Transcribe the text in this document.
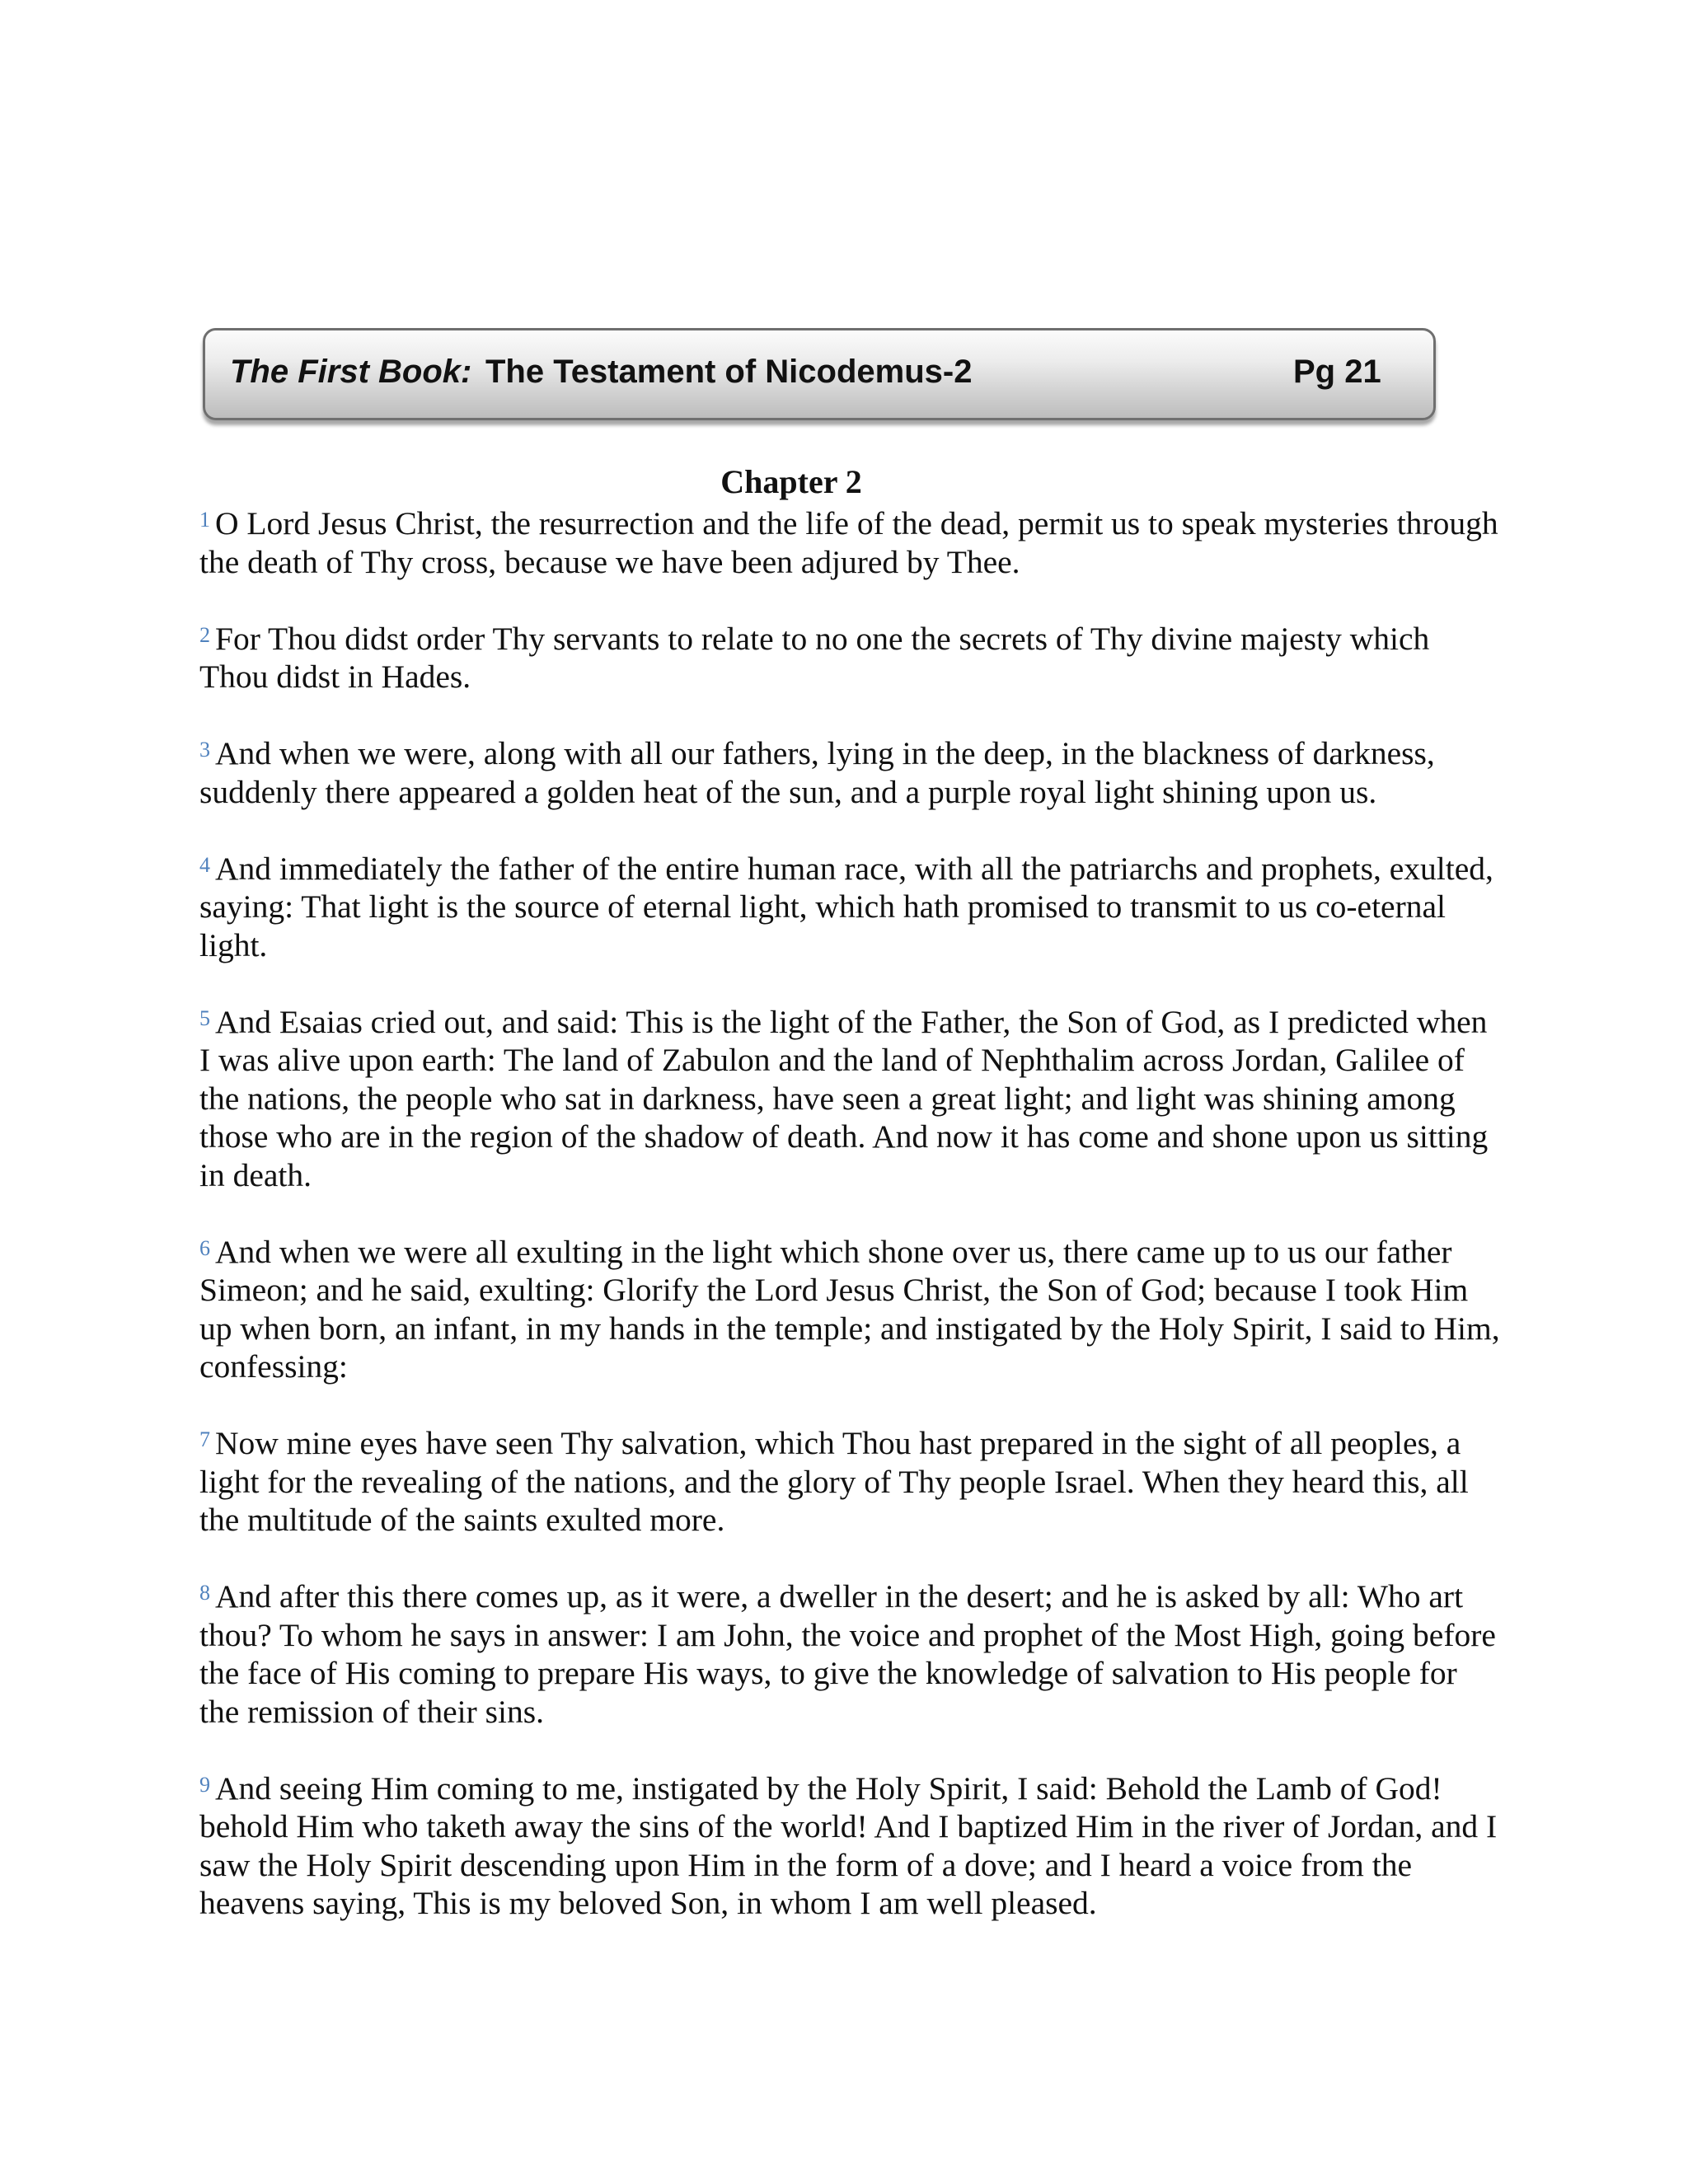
The First Book: The Testament of Nicodemus-2	Pg 21
Chapter 2

$^1$ O Lord Jesus Christ, the resurrection and the life of the dead, permit us to speak mysteries through the death of Thy cross, because we have been adjured by Thee.

$^2$ For Thou didst order Thy servants to relate to no one the secrets of Thy divine majesty which Thou didst in Hades.

$^3$ And when we were, along with all our fathers, lying in the deep, in the blackness of darkness, suddenly there appeared a golden heat of the sun, and a purple royal light shining upon us.

$^4$ And immediately the father of the entire human race, with all the patriarchs and prophets, exulted, saying: That light is the source of eternal light, which hath promised to transmit to us co-eternal light.

$^5$ And Esaias cried out, and said: This is the light of the Father, the Son of God, as I predicted when I was alive upon earth: The land of Zabulon and the land of Nephthalim across Jordan, Galilee of the nations, the people who sat in darkness, have seen a great light; and light was shining among those who are in the region of the shadow of death. And now it has come and shone upon us sitting in death.

$^6$ And when we were all exulting in the light which shone over us, there came up to us our father Simeon; and he said, exulting: Glorify the Lord Jesus Christ, the Son of God; because I took Him up when born, an infant, in my hands in the temple; and instigated by the Holy Spirit, I said to Him, confessing:

$^7$ Now mine eyes have seen Thy salvation, which Thou hast prepared in the sight of all peoples, a light for the revealing of the nations, and the glory of Thy people Israel. When they heard this, all the multitude of the saints exulted more.

$^8$ And after this there comes up, as it were, a dweller in the desert; and he is asked by all: Who art thou? To whom he says in answer: I am John, the voice and prophet of the Most High, going before the face of His coming to prepare His ways, to give the knowledge of salvation to His people for the remission of their sins.

$^9$ And seeing Him coming to me, instigated by the Holy Spirit, I said: Behold the Lamb of God! behold Him who taketh away the sins of the world! And I baptized Him in the river of Jordan, and I saw the Holy Spirit descending upon Him in the form of a dove; and I heard a voice from the heavens saying, This is my beloved Son, in whom I am well pleased.
